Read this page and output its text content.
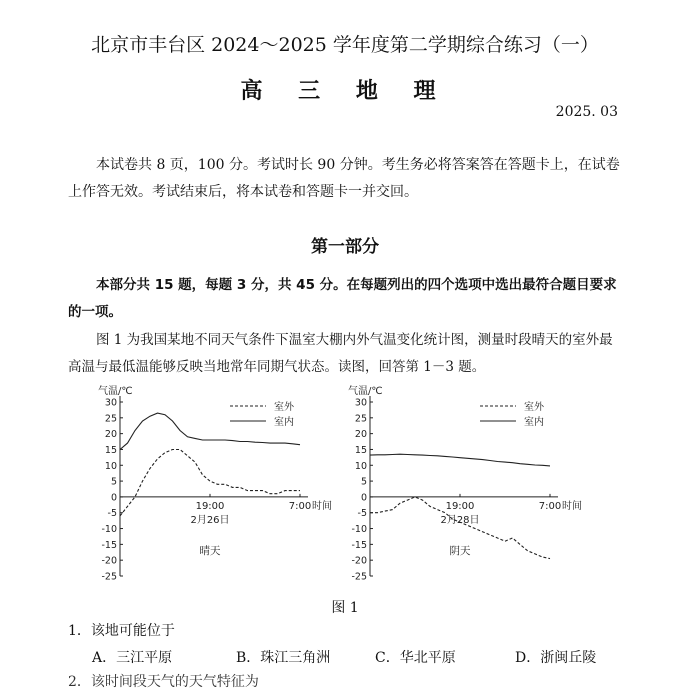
北京市丰台区 2024～2025 学年度第二学期综合练习（一）
高 三 地 理
2025. 03
本试卷共 8 页，100 分。考试时长 90 分钟。考生务必将答案答在答题卡上，在试卷上作答无效。考试结束后，将本试卷和答题卡一并交回。
第一部分
本部分共 15 题，每题 3 分，共 45 分。在每题列出的四个选项中选出最符合题目要求的一项。
图 1 为我国某地不同天气条件下温室大棚内外气温变化统计图，测量时段晴天的室外最高温与最低温能够反映当地常年同期气状态。读图，回答第 1－3 题。
气温/℃
30
25
20
15
10
5
0
-5
-10
-15
-20
-25
19:00	7:00 时间
2月26日
晴天
室外
室内
气温/℃
30
25
20
15
10
5
0
-5
-10
-15
-20
-25
19:00	7:00 时间
2月28日
阴天
室外
室内
图 1
1．该地可能位于
A．三江平原	B．珠江三角洲	C．华北平原	D．浙闽丘陵
2．该时间段天气的天气特征为
